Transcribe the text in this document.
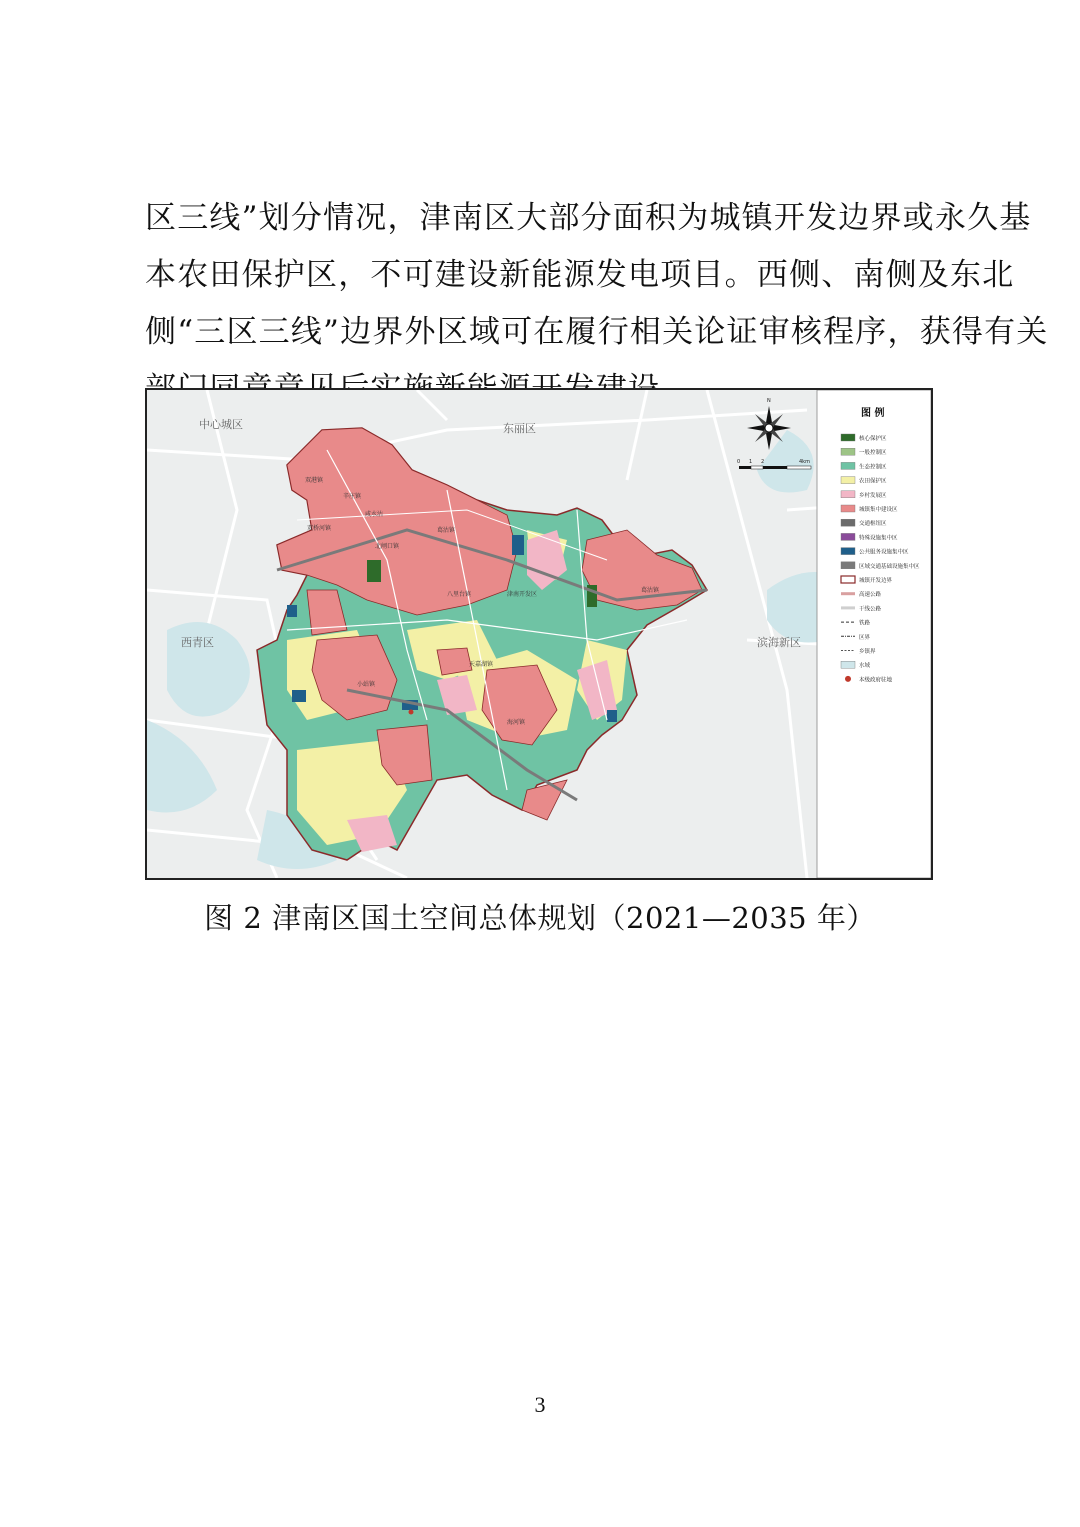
区三线”划分情况，津南区大部分面积为城镇开发边界或永久基
本农田保护区，不可建设新能源发电项目。西侧、南侧及东北
侧“三区三线”边界外区域可在履行相关论证审核程序，获得有关
双港镇
辛庄镇
咸水沽
双桥河镇
北闸口镇
葛沽镇
八里台镇	津南开发区
葛沽镇
小站镇
天嘉湖镇
海河镇
中心城区	东丽区
西青区	滨海新区
N
0 1 2	4km
图 例
核心保护区
一般控制区
生态控制区
农田保护区
乡村发展区
城镇集中建设区
交通枢纽区
特殊设施集中区
公共服务设施集中区
区域交通基础设施集中区
城镇开发边界
高速公路
干线公路
铁路
区界
乡镇界
水域
本级政府驻地
图 2 津南区国土空间总体规划（2021—2035 年）
3
